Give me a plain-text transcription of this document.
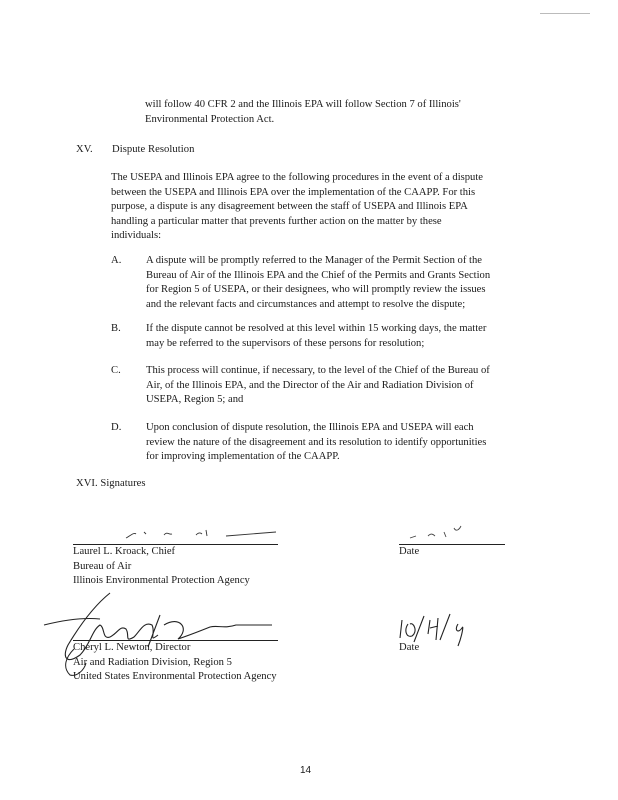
will follow 40 CFR 2 and the Illinois EPA will follow Section 7 of Illinois'
Environmental Protection Act.
XV. Dispute Resolution
The USEPA and Illinois EPA agree to the following procedures in the event of a dispute
between the USEPA and Illinois EPA over the implementation of the CAAPP. For this
purpose, a dispute is any disagreement between the staff of USEPA and Illinois EPA
handling a particular matter that prevents further action on the matter by these
individuals:
A. A dispute will be promptly referred to the Manager of the Permit Section of the
Bureau of Air of the Illinois EPA and the Chief of the Permits and Grants Section
for Region 5 of USEPA, or their designees, who will promptly review the issues
and the relevant facts and circumstances and attempt to resolve the dispute;
B. If the dispute cannot be resolved at this level within 15 working days, the matter
may be referred to the supervisors of these persons for resolution;
C. This process will continue, if necessary, to the level of the Chief of the Bureau of
Air, of the Illinois EPA, and the Director of the Air and Radiation Division of
USEPA, Region 5; and
D. Upon conclusion of dispute resolution, the Illinois EPA and USEPA will each
review the nature of the disagreement and its resolution to identify opportunities
for improving implementation of the CAAPP.
XVI. Signatures
Laurel L. Kroack, Chief
Bureau of Air
Illinois Environmental Protection Agency
Date
Cheryl L. Newton, Director
Air and Radiation Division, Region 5
United States Environmental Protection Agency
Date
14
